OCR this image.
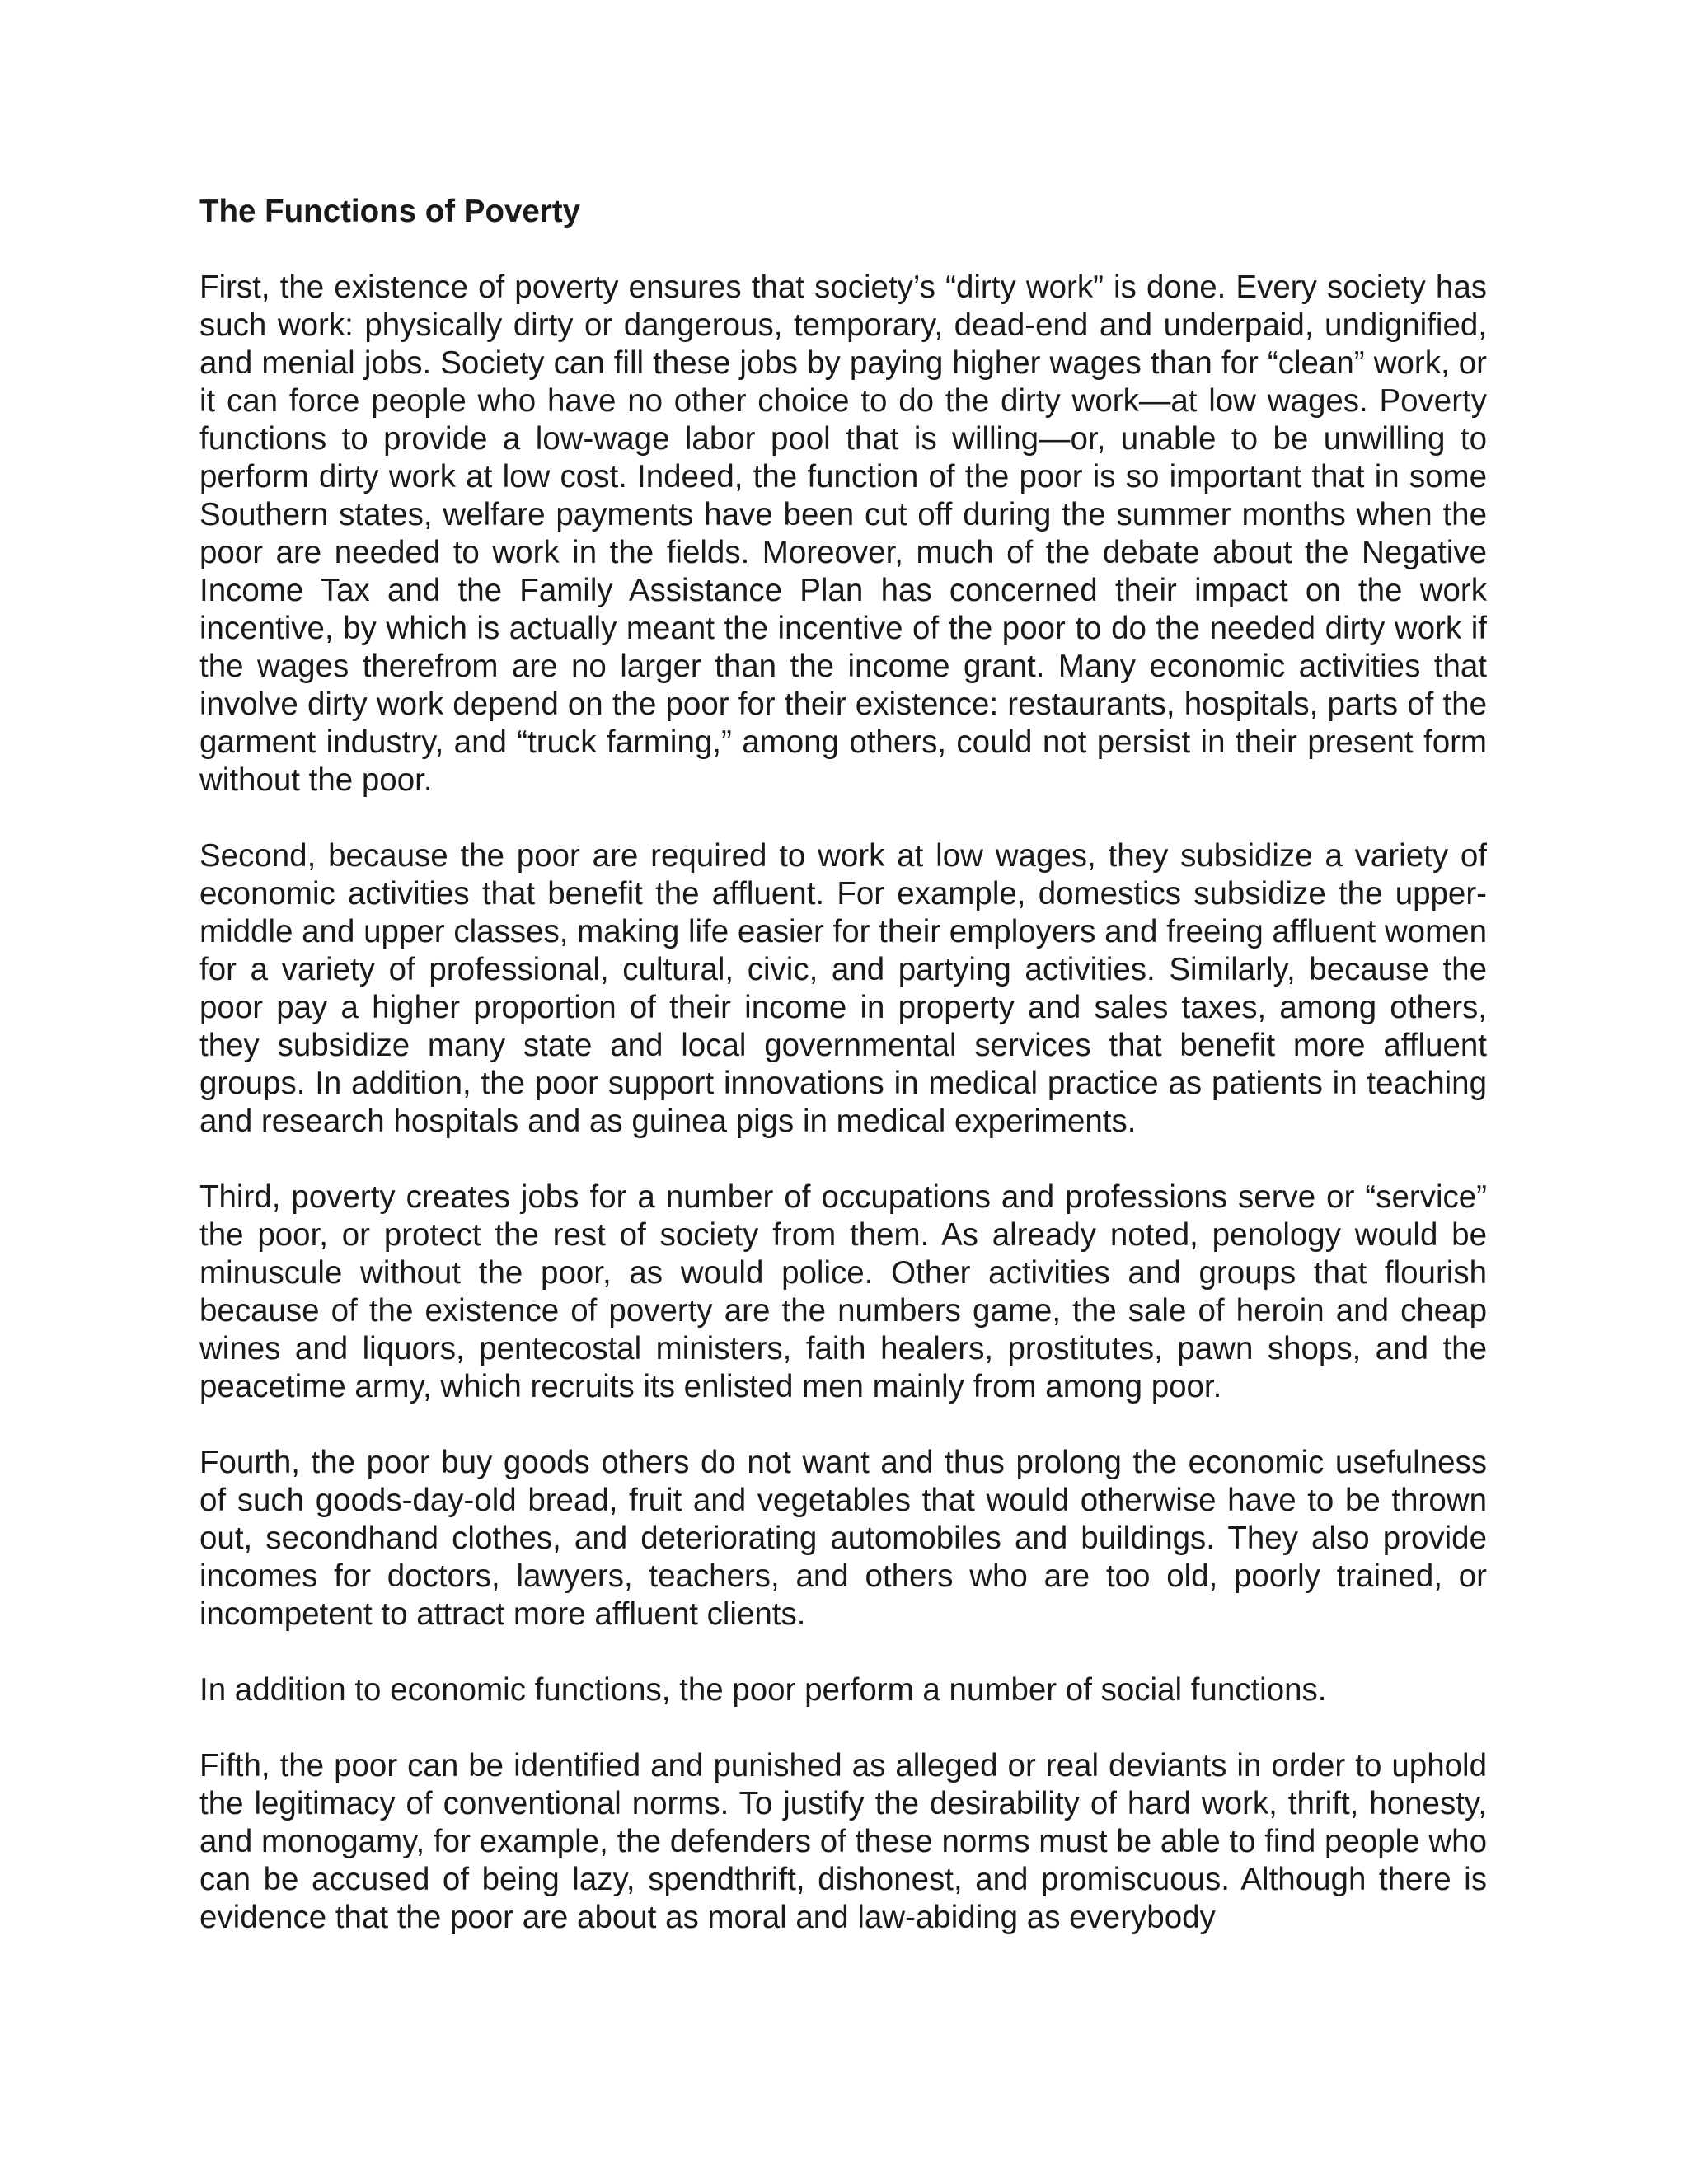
The Functions of Poverty

First, the existence of poverty ensures that society’s “dirty work” is done. Every society has such work: physically dirty or dangerous, temporary, dead-end and underpaid, undignified, and menial jobs. Society can fill these jobs by paying higher wages than for “clean” work, or it can force people who have no other choice to do the dirty work—at low wages. Poverty functions to provide a low-wage labor pool that is willing—or, unable to be unwilling to perform dirty work at low cost. Indeed, the function of the poor is so important that in some Southern states, welfare payments have been cut off during the summer months when the poor are needed to work in the fields. Moreover, much of the debate about the Negative Income Tax and the Family Assistance Plan has concerned their impact on the work incentive, by which is actually meant the incentive of the poor to do the needed dirty work if the wages therefrom are no larger than the income grant. Many economic activities that involve dirty work depend on the poor for their existence: restaurants, hospitals, parts of the garment industry, and “truck farming,” among others, could not persist in their present form without the poor.

Second, because the poor are required to work at low wages, they subsidize a variety of economic activities that benefit the affluent. For example, domestics subsidize the upper-middle and upper classes, making life easier for their employers and freeing affluent women for a variety of professional, cultural, civic, and partying activities. Similarly, because the poor pay a higher proportion of their income in property and sales taxes, among others, they subsidize many state and local governmental services that benefit more affluent groups. In addition, the poor support innovations in medical practice as patients in teaching and research hospitals and as guinea pigs in medical experiments.

Third, poverty creates jobs for a number of occupations and professions serve or “service” the poor, or protect the rest of society from them. As already noted, penology would be minuscule without the poor, as would police. Other activities and groups that flourish because of the existence of poverty are the numbers game, the sale of heroin and cheap wines and liquors, pentecostal ministers, faith healers, prostitutes, pawn shops, and the peacetime army, which recruits its enlisted men mainly from among poor.

Fourth, the poor buy goods others do not want and thus prolong the economic usefulness of such goods-day-old bread, fruit and vegetables that would otherwise have to be thrown out, secondhand clothes, and deteriorating automobiles and buildings. They also provide incomes for doctors, lawyers, teachers, and others who are too old, poorly trained, or incompetent to attract more affluent clients.

In addition to economic functions, the poor perform a number of social functions.

Fifth, the poor can be identified and punished as alleged or real deviants in order to uphold the legitimacy of conventional norms. To justify the desirability of hard work, thrift, honesty, and monogamy, for example, the defenders of these norms must be able to find people who can be accused of being lazy, spendthrift, dishonest, and promiscuous. Although there is evidence that the poor are about as moral and law-abiding as everybody
